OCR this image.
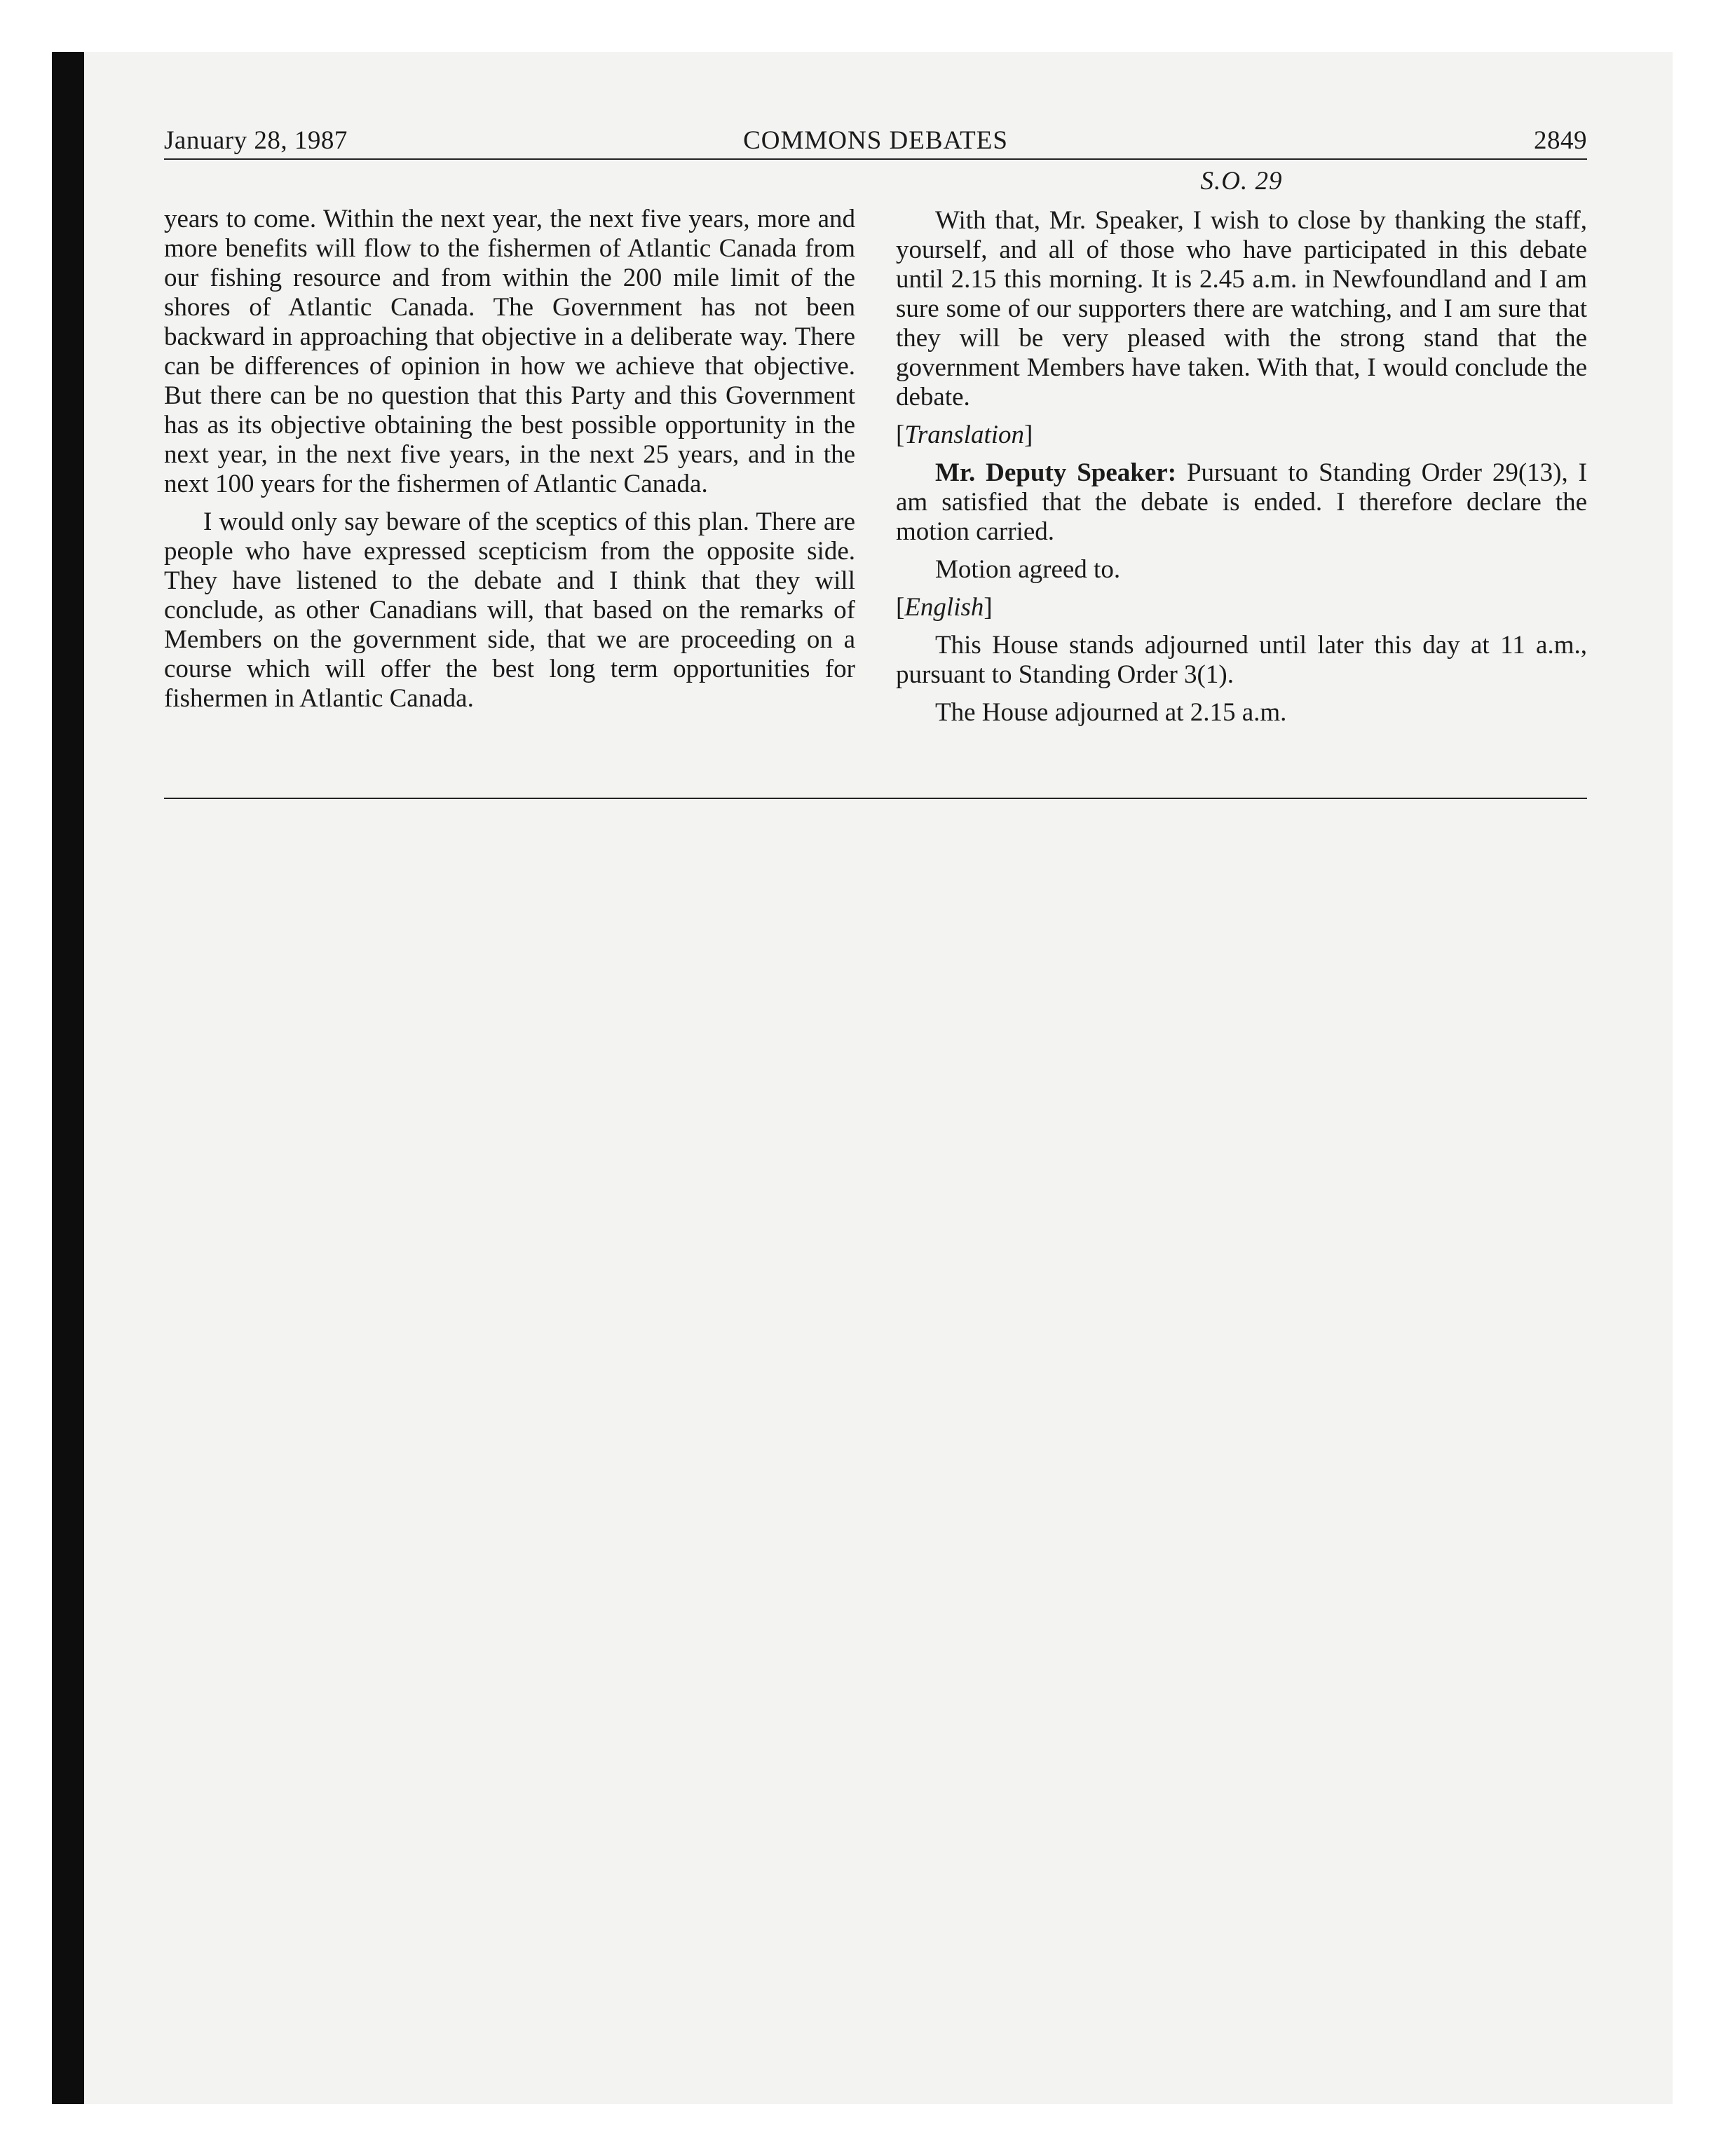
January 28, 1987	COMMONS DEBATES	2849

years to come. Within the next year, the next five years, more and more benefits will flow to the fishermen of Atlantic Canada from our fishing resource and from within the 200 mile limit of the shores of Atlantic Canada. The Government has not been backward in approaching that objective in a deliberate way. There can be differences of opinion in how we achieve that objective. But there can be no question that this Party and this Government has as its objective obtaining the best possible opportunity in the next year, in the next five years, in the next 25 years, and in the next 100 years for the fishermen of Atlantic Canada.

I would only say beware of the sceptics of this plan. There are people who have expressed scepticism from the opposite side. They have listened to the debate and I think that they will conclude, as other Canadians will, that based on the remarks of Members on the government side, that we are proceeding on a course which will offer the best long term opportunities for fishermen in Atlantic Canada.

S.O. 29

With that, Mr. Speaker, I wish to close by thanking the staff, yourself, and all of those who have participated in this debate until 2.15 this morning. It is 2.45 a.m. in Newfoundland and I am sure some of our supporters there are watching, and I am sure that they will be very pleased with the strong stand that the government Members have taken. With that, I would conclude the debate.

[Translation]

Mr. Deputy Speaker: Pursuant to Standing Order 29(13), I am satisfied that the debate is ended. I therefore declare the motion carried.

Motion agreed to.

[English]

This House stands adjourned until later this day at 11 a.m., pursuant to Standing Order 3(1).

The House adjourned at 2.15 a.m.
